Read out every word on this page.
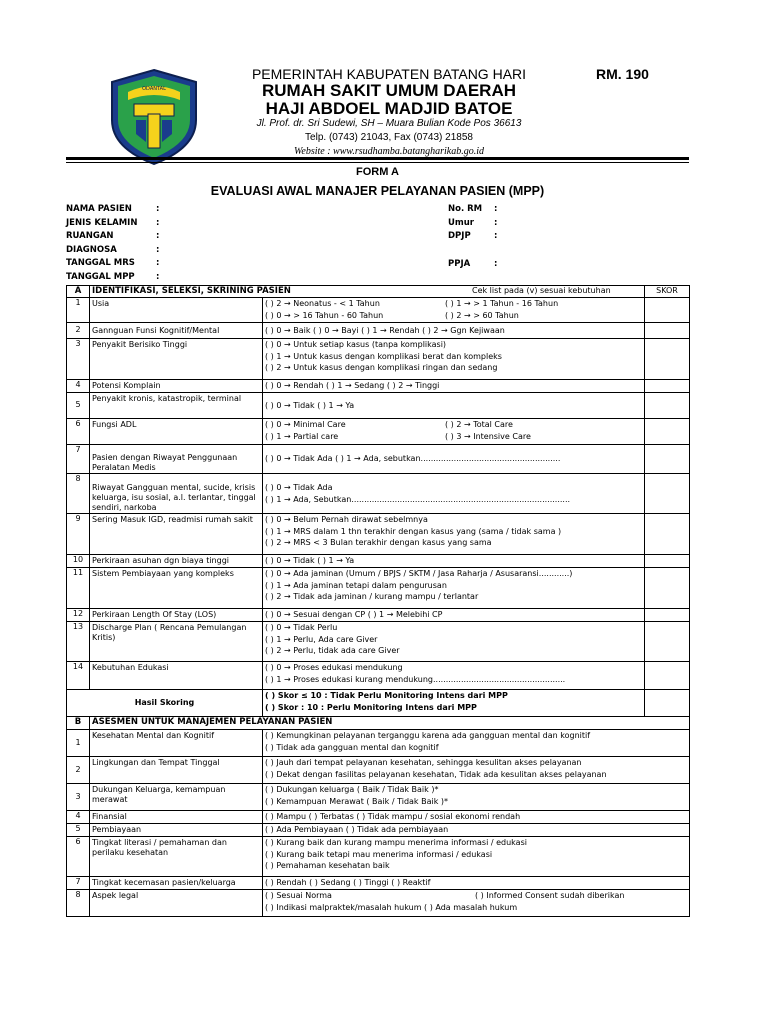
ODANTAL
PEMERINTAH KABUPATEN BATANG HARI	RM. 190
RUMAH SAKIT UMUM DAERAH
HAJI ABDOEL MADJID BATOE
Jl. Prof. dr. Sri Sudewi, SH – Muara Bulian Kode Pos 36613
Telp. (0743) 21043, Fax (0743) 21858
Website : www.rsudhamba.batangharikab.go.id
FORM A
EVALUASI AWAL MANAJER PELAYANAN PASIEN (MPP)
NAMA PASIEN	:
JENIS KELAMIN :
RUANGAN	:
DIAGNOSA	:
TANGGAL MRS :
TANGGAL MPP	:
No. RM :
Umur :
DPJP	:
PPJA	:
A	IDENTIFIKASI, SELEKSI, SKRINING PASIEN Cek list pada (v) sesuai kebutuhan		SKOR
1	Usia	( ) 2 → Neonatus - < 1 Tahun
( ) 0 → > 16 Tahun - 60 Tahun
( ) 1 → > 1 Tahun - 16 Tahun
( ) 2 → > 60 Tahun	

2	Gannguan Funsi Kognitif/Mental	( ) 0 → Baik ( ) 0 → Bayi ( ) 1 → Rendah ( ) 2 → Ggn Kejiwaan	

3	Penyakit Berisiko Tinggi	( ) 0 → Untuk setiap kasus (tanpa komplikasi)
( ) 1 → Untuk kasus dengan komplikasi berat dan kompleks
( ) 2 → Untuk kasus dengan komplikasi ringan dan sedang	

4	Potensi Komplain	( ) 0 → Rendah ( ) 1 → Sedang ( ) 2 → Tinggi	

5	Penyakit kronis, katastropik, terminal	( ) 0 → Tidak ( ) 1 → Ya	

6	Fungsi ADL	( ) 0 → Minimal Care
( ) 1 → Partial care
( ) 2 → Total Care
( ) 3 → Intensive Care	

7	Pasien dengan Riwayat Penggunaan Peralatan Medis	( ) 0 → Tidak Ada ( ) 1 → Ada, sebutkan.......................................................	

8	Riwayat Gangguan mental, sucide, krisis keluarga, isu sosial, a.l. terlantar, tinggal sendiri, narkoba	( ) 0 → Tidak Ada
( ) 1 → Ada, Sebutkan......................................................................................	

9	Sering Masuk IGD, readmisi rumah sakit	( ) 0 → Belum Pernah dirawat sebelmnya
( ) 1 → MRS dalam 1 thn terakhir dengan kasus yang (sama / tidak sama )
( ) 2 → MRS < 3 Bulan terakhir dengan kasus yang sama	

10	Perkiraan asuhan dgn biaya tinggi	( ) 0 → Tidak ( ) 1 → Ya	

11	Sistem Pembiayaan yang kompleks	( ) 0 → Ada jaminan (Umum / BPJS / SKTM / Jasa Raharja / Asusaransi............)
( ) 1 → Ada jaminan tetapi dalam pengurusan
( ) 2 → Tidak ada jaminan / kurang mampu / terlantar	

12	Perkiraan Length Of Stay (LOS)	( ) 0 → Sesuai dengan CP ( ) 1 → Melebihi CP	

13	Discharge Plan ( Rencana Pemulangan Kritis)	( ) 0 → Tidak Perlu
( ) 1 → Perlu, Ada care Giver
( ) 2 → Perlu, tidak ada care Giver	

14	Kebutuhan Edukasi	( ) 0 → Proses edukasi mendukung
( ) 1 → Proses edukasi kurang mendukung....................................................	

Hasil Skoring		( ) Skor ≤ 10 : Tidak Perlu Monitoring Intens dari MPP
( ) Skor : 10 : Perlu Monitoring Intens dari MPP	

B	ASESMEN UNTUK MANAJEMEN PELAYANAN PASIEN		
1	Kesehatan Mental dan Kognitif	( ) Kemungkinan pelayanan terganggu karena ada gangguan mental dan kognitif
( ) Tidak ada gangguan mental dan kognitif	

2	Lingkungan dan Tempat Tinggal	( ) Jauh dari tempat pelayanan kesehatan, sehingga kesulitan akses pelayanan
( ) Dekat dengan fasilitas pelayanan kesehatan, Tidak ada kesulitan akses pelayanan	

3	Dukungan Keluarga, kemampuan merawat	( ) Dukungan keluarga ( Baik / Tidak Baik )*
( ) Kemampuan Merawat ( Baik / Tidak Baik )*	

4	Finansial	( ) Mampu ( ) Terbatas ( ) Tidak mampu / sosial ekonomi rendah	

5	Pembiayaan	( ) Ada Pembiayaan ( ) Tidak ada pembiayaan	

6	Tingkat literasi / pemahaman dan perilaku kesehatan	( ) Kurang baik dan kurang mampu menerima informasi / edukasi
( ) Kurang baik tetapi mau menerima informasi / edukasi
( ) Pemahaman kesehatan baik	

7	Tingkat kecemasan pasien/keluarga	( ) Rendah ( ) Sedang ( ) Tinggi ( ) Reaktif	

8	Aspek legal	( ) Sesuai Norma
( ) Indikasi malpraktek/masalah hukum ( ) Ada masalah hukum
( ) Informed Consent sudah diberikan	
